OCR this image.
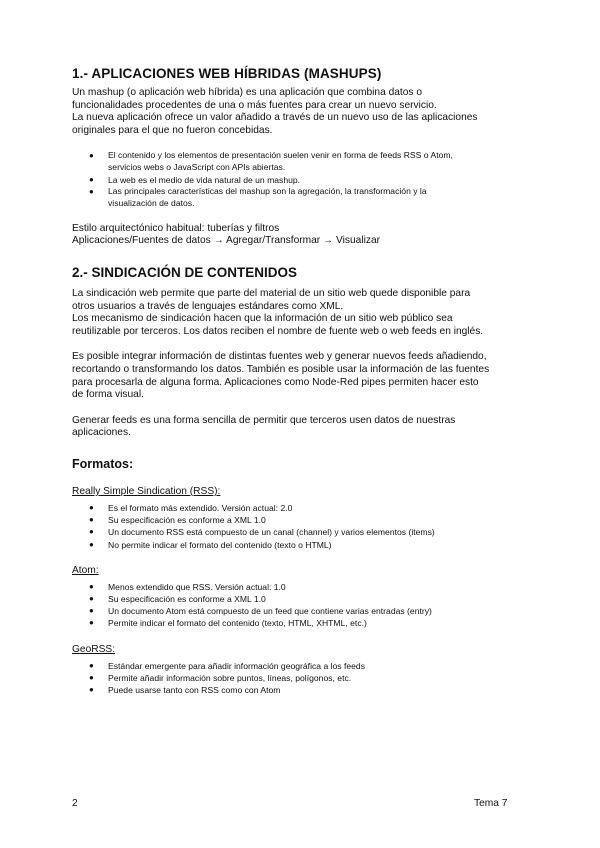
1.- APLICACIONES WEB HÍBRIDAS (MASHUPS)

Un mashup (o aplicación web híbrida) es una aplicación que combina datos o
funcionalidades procedentes de una o más fuentes para crear un nuevo servicio.
La nueva aplicación ofrece un valor añadido a través de un nuevo uso de las aplicaciones
originales para el que no fueron concebidas.

● El contenido y los elementos de presentación suelen venir en forma de feeds RSS o Atom,
servicios webs o JavaScript con APIs abiertas.
● La web es el medio de vida natural de un mashup.
● Las principales características del mashup son la agregación, la transformación y la
visualización de datos.

Estilo arquitectónico habitual: tuberías y filtros
Aplicaciones/Fuentes de datos → Agregar/Transformar → Visualizar

2.- SINDICACIÓN DE CONTENIDOS

La sindicación web permite que parte del material de un sitio web quede disponible para
otros usuarios a través de lenguajes estándares como XML.
Los mecanismo de sindicación hacen que la información de un sitio web público sea
reutilizable por terceros. Los datos reciben el nombre de fuente web o web feeds en inglés.

Es posible integrar información de distintas fuentes web y generar nuevos feeds añadiendo,
recortando o transformando los datos. También es posible usar la información de las fuentes
para procesarla de alguna forma. Aplicaciones como Node-Red pipes permiten hacer esto
de forma visual.

Generar feeds es una forma sencilla de permitir que terceros usen datos de nuestras
aplicaciones.

Formatos:
Really Simple Sindication (RSS):
● Es el formato más extendido. Versión actual: 2.0
● Su especificación es conforme a XML 1.0
● Un documento RSS está compuesto de un canal (channel) y varios elementos (items)
● No permite indicar el formato del contenido (texto o HTML)
Atom:
● Menos extendido que RSS. Versión actual: 1.0
● Su especificación es conforme a XML 1.0
● Un documento Atom está compuesto de un feed que contiene varias entradas (entry)
● Permite indicar el formato del contenido (texto, HTML, XHTML, etc.)
GeoRSS:
● Estándar emergente para añadir información geográfica a los feeds
● Permite añadir información sobre puntos, líneas, polígonos, etc.
● Puede usarse tanto con RSS como con Atom
2	Tema 7
